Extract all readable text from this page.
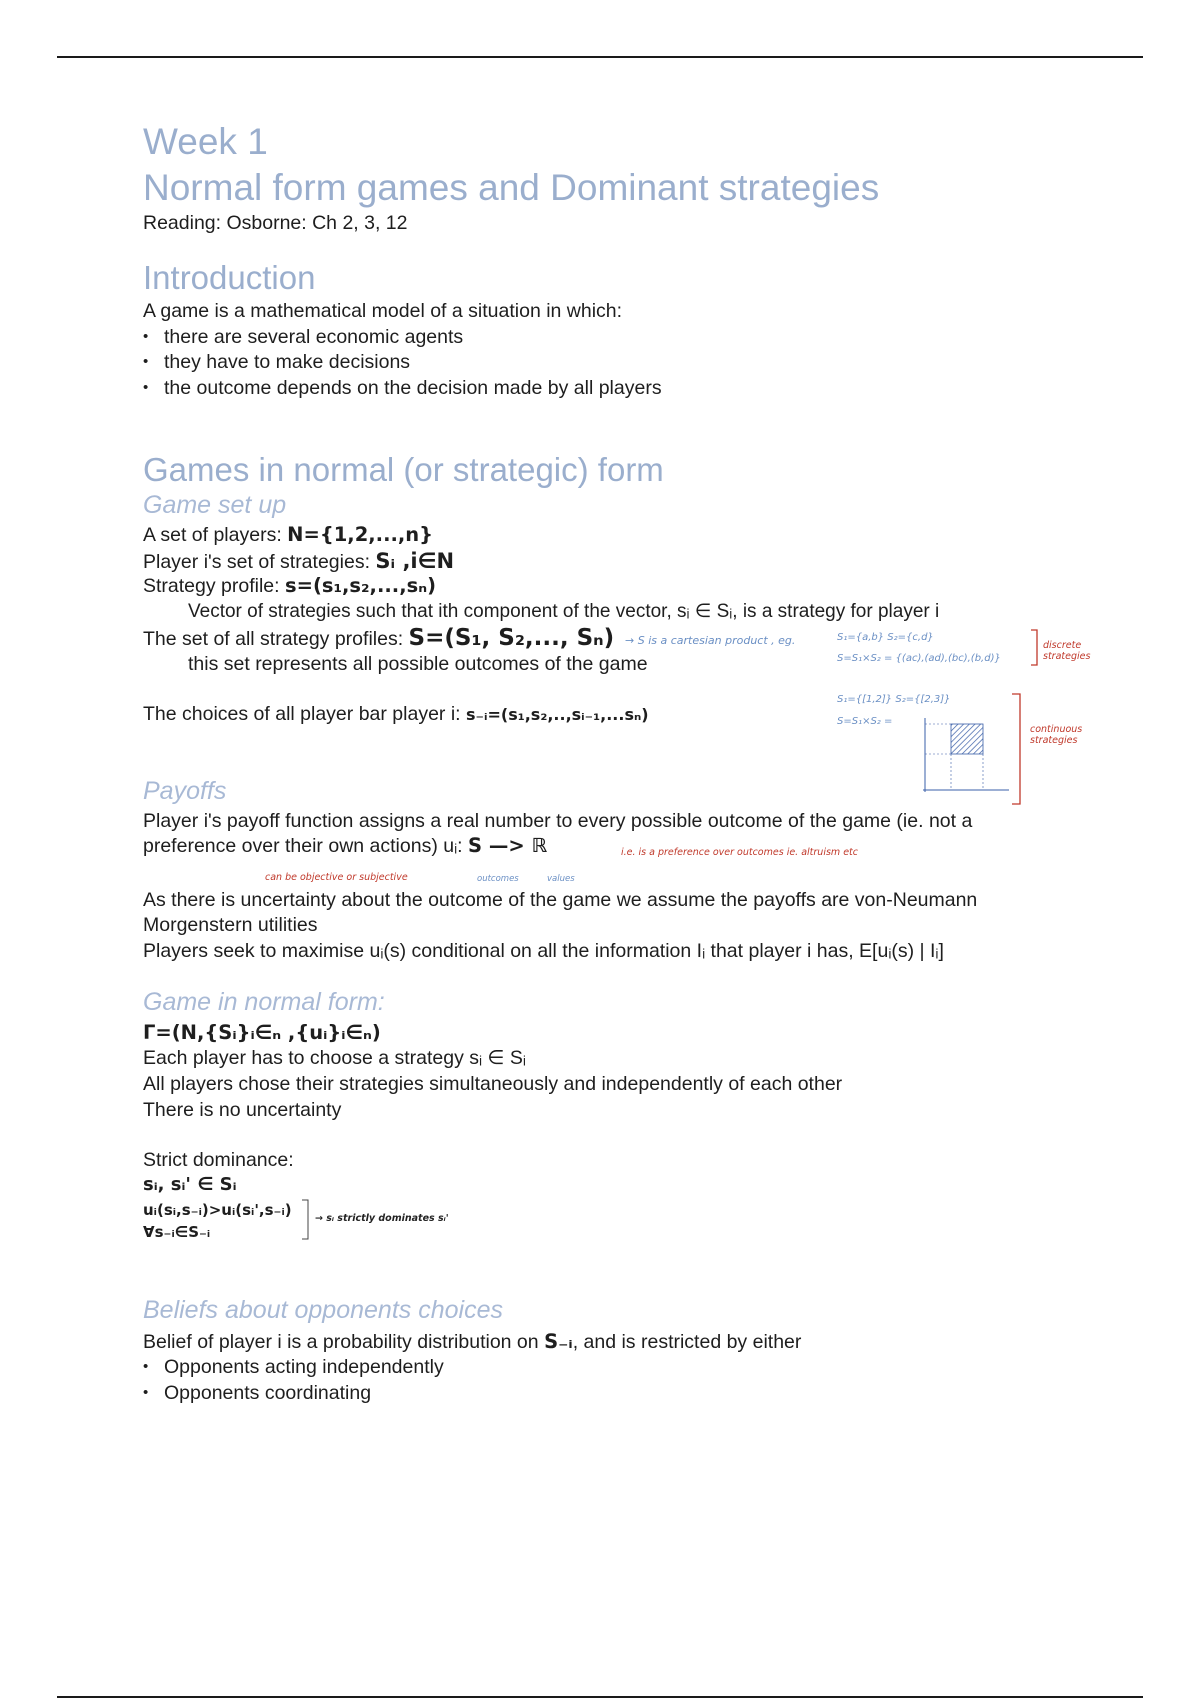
Week 1
Normal form games and Dominant strategies
Reading: Osborne: Ch 2, 3, 12
Introduction
A game is a mathematical model of a situation in which:
• there are several economic agents
• they have to make decisions
• the outcome depends on the decision made by all players
Games in normal (or strategic) form
Game set up
A set of players: N={1,2,...,n}
Player i's set of strategies: Sᵢ ,i∈N
Strategy profile: s=(s₁,s₂,...,sₙ)
Vector of strategies such that ith component of the vector, sᵢ ∈ Sᵢ, is a strategy for player i
The set of all strategy profiles: S=(S₁, S₂,..., Sₙ)
this set represents all possible outcomes of the game
The choices of all player bar player i: s₋ᵢ=(s₁,s₂,..,sᵢ₋₁,...sₙ)
→ S is a cartesian product , eg.	S₁={a,b} S₂={c,d}
S=S₁×S₂ = {(ac),(ad),(bc),(b,d)}
discrete strategies
S₁={[1,2]} S₂={[2,3]}
S=S₁×S₂ =
continuous strategies
Payoffs
Player i's payoff function assigns a real number to every possible outcome of the game (ie. not a
preference over their own actions) uᵢ: S —> ℝ	i.e. is a preference over outcomes ie. altruism etc
outcomes	values
can be objective or subjective
As there is uncertainty about the outcome of the game we assume the payoffs are von-Neumann
Morgenstern utilities
Players seek to maximise uᵢ(s) conditional on all the information Iᵢ that player i has, E[uᵢ(s) | Iᵢ]
Game in normal form:
Γ=(N,{Sᵢ}ᵢ∈ₙ ,{uᵢ}ᵢ∈ₙ)
Each player has to choose a strategy sᵢ ∈ Sᵢ
All players chose their strategies simultaneously and independently of each other
There is no uncertainty
Strict dominance:
sᵢ, sᵢ' ∈ Sᵢ
uᵢ(sᵢ,s₋ᵢ)>uᵢ(sᵢ',s₋ᵢ)
∀s₋ᵢ∈S₋ᵢ
→ sᵢ strictly dominates sᵢ'
Beliefs about opponents choices
Belief of player i is a probability distribution on S₋ᵢ, and is restricted by either
• Opponents acting independently
• Opponents coordinating
